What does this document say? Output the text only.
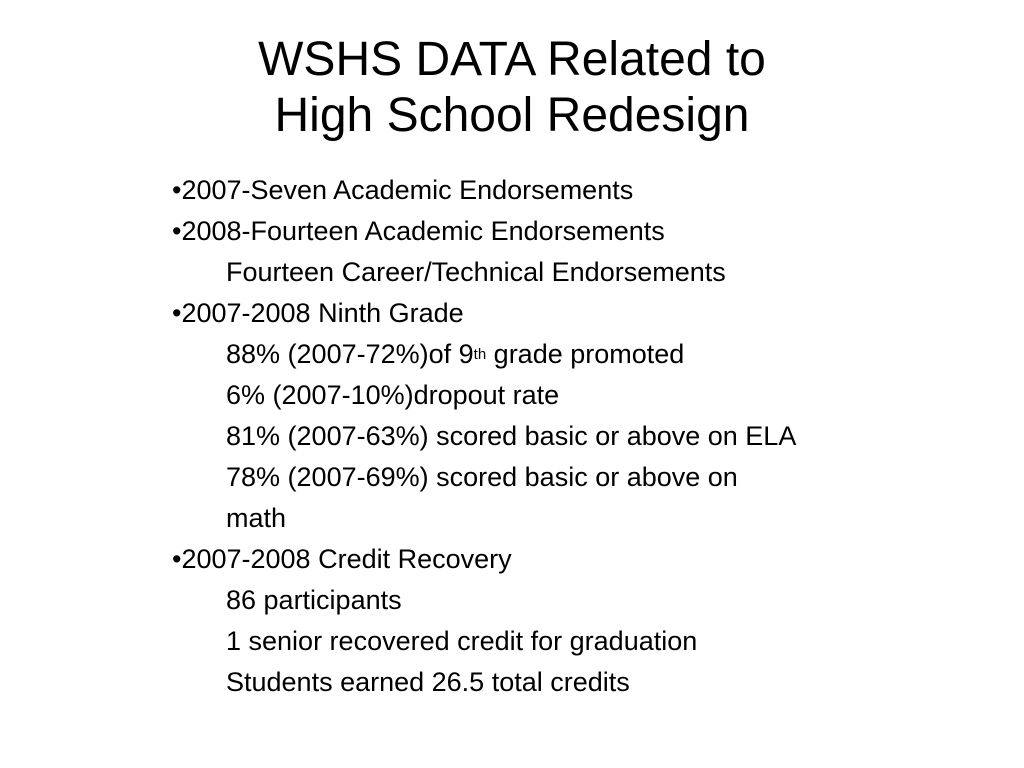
WSHS DATA Related to
High School Redesign
•2007-Seven Academic Endorsements
•2008-Fourteen Academic Endorsements
Fourteen Career/Technical Endorsements
•2007-2008 Ninth Grade
88% (2007-72%)of 9th grade promoted
6% (2007-10%)dropout rate
81% (2007-63%) scored basic or above on ELA
78% (2007-69%) scored basic or above on
math
•2007-2008 Credit Recovery
86 participants
1 senior recovered credit for graduation
Students earned 26.5 total credits
